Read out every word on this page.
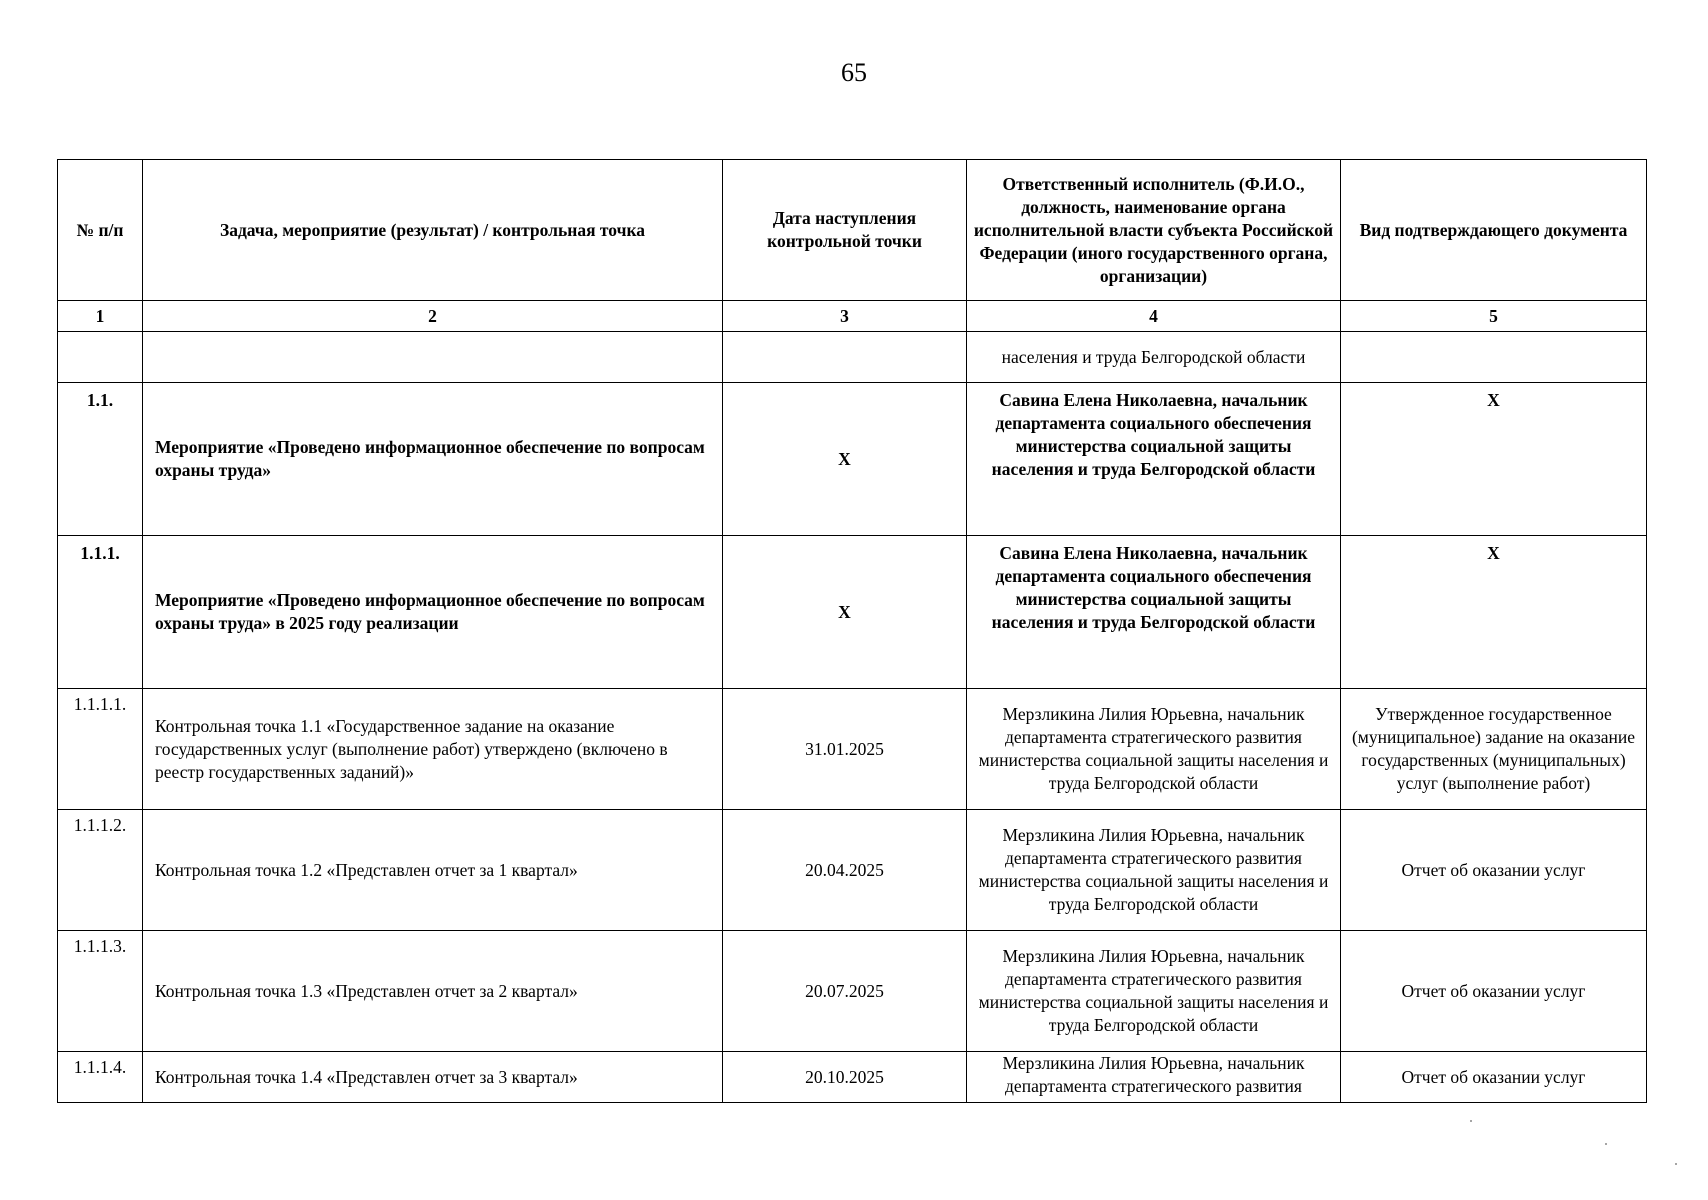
65
№ п/п	Задача, мероприятие (результат) / контрольная точка	Дата наступления контрольной точки	Ответственный исполнитель (Ф.И.О., должность, наименование органа исполнительной власти субъекта Российской Федерации (иного государственного органа, организации)	Вид подтверждающего документа
1	2	3	4	5
			населения и труда Белгородской области	
1.1.	Мероприятие «Проведено информационное обеспечение по вопросам охраны труда»	X	Савина Елена Николаевна, начальник департамента социального обеспечения министерства социальной защиты населения и труда Белгородской области	X
1.1.1.	Мероприятие «Проведено информационное обеспечение по вопросам охраны труда» в 2025 году реализации	X	Савина Елена Николаевна, начальник департамента социального обеспечения министерства социальной защиты населения и труда Белгородской области	X
1.1.1.1.	Контрольная точка 1.1 «Государственное задание на оказание государственных услуг (выполнение работ) утверждено (включено в реестр государственных заданий)»	31.01.2025	Мерзликина Лилия Юрьевна, начальник департамента стратегического развития министерства социальной защиты населения и труда Белгородской области	Утвержденное государственное (муниципальное) задание на оказание государственных (муниципальных) услуг (выполнение работ)
1.1.1.2.	Контрольная точка 1.2 «Представлен отчет за 1 квартал»	20.04.2025	Мерзликина Лилия Юрьевна, начальник департамента стратегического развития министерства социальной защиты населения и труда Белгородской области	Отчет об оказании услуг
1.1.1.3.	Контрольная точка 1.3 «Представлен отчет за 2 квартал»	20.07.2025	Мерзликина Лилия Юрьевна, начальник департамента стратегического развития министерства социальной защиты населения и труда Белгородской области	Отчет об оказании услуг
1.1.1.4.	Контрольная точка 1.4 «Представлен отчет за 3 квартал»	20.10.2025	Мерзликина Лилия Юрьевна, начальник департамента стратегического развития	Отчет об оказании услуг
